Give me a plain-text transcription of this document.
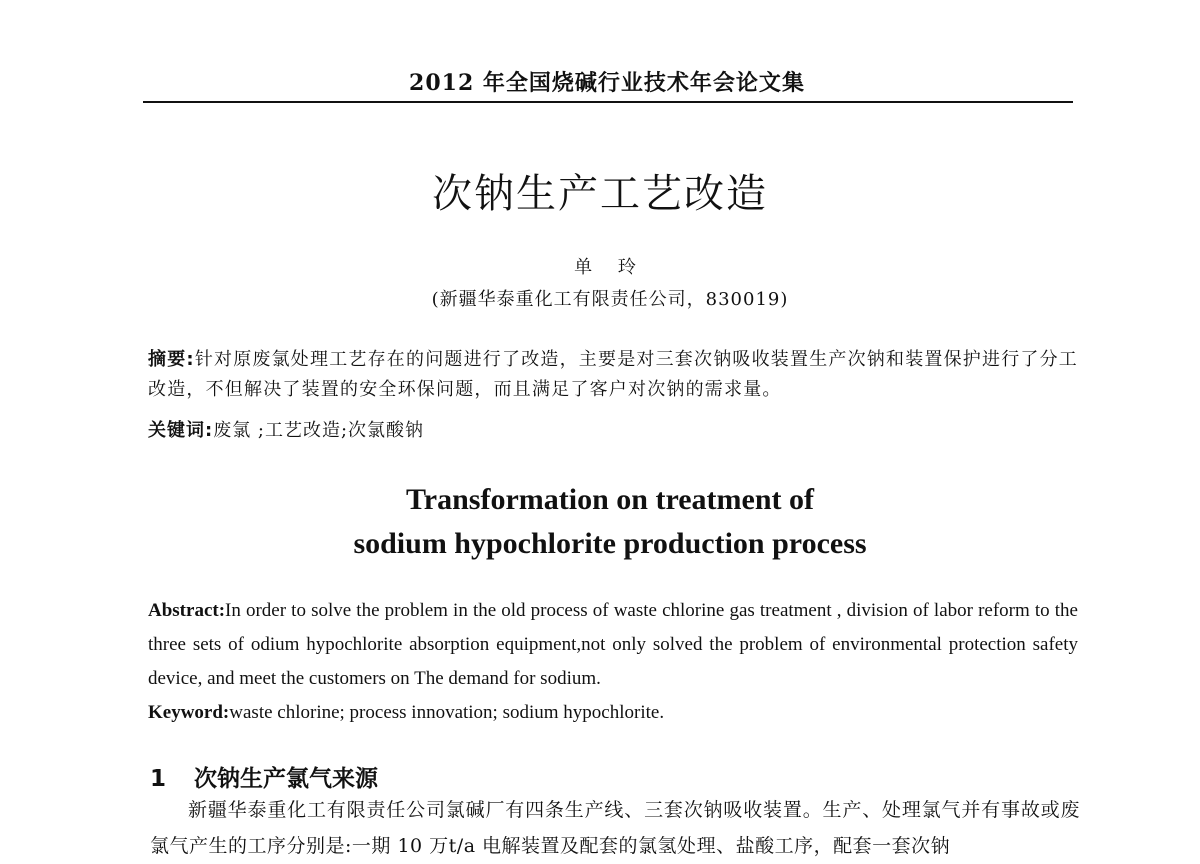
2012 年全国烧碱行业技术年会论文集
次钠生产工艺改造
单 玲
(新疆华泰重化工有限责任公司，830019)
摘要:针对原废氯处理工艺存在的问题进行了改造，主要是对三套次钠吸收装置生产次钠和装置保护进行了分工改造，不但解决了装置的安全环保问题，而且满足了客户对次钠的需求量。
关键词:废氯 ;工艺改造;次氯酸钠
Transformation on treatment of
sodium hypochlorite production process
Abstract:In order to solve the problem in the old process of waste chlorine gas treatment , division of labor reform to the three sets of odium hypochlorite absorption equipment,not only solved the problem of environmental protection safety device, and meet the customers on The demand for sodium.
Keyword:waste chlorine; process innovation; sodium hypochlorite.
1 次钠生产氯气来源
新疆华泰重化工有限责任公司氯碱厂有四条生产线、三套次钠吸收装置。生产、处理氯气并有事故或废氯气产生的工序分别是:一期 10 万t/a 电解装置及配套的氯氢处理、盐酸工序，配套一套次钠
